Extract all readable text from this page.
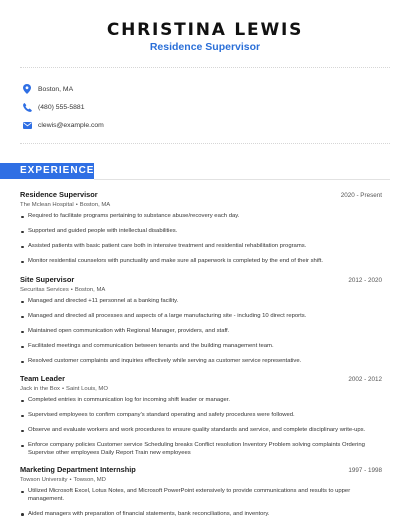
CHRISTINA LEWIS
Residence Supervisor
Boston, MA
(480) 555-5881
clewis@example.com
EXPERIENCE
Residence Supervisor	2020 - Present
The Mclean Hospital • Boston, MA
Required to facilitate programs pertaining to substance abuse/recovery each day.
Supported and guided people with intellectual disabilities.
Assisted patients with basic patient care both in intensive treatment and residential rehabilitation programs.
Monitor residential counselors with punctuality and make sure all paperwork is completed by the end of their shift.
Site Supervisor	2012 - 2020
Securitas Services • Boston, MA
Managed and directed +11 personnel at a banking facility.
Managed and directed all processes and aspects of a large manufacturing site - including 10 direct reports.
Maintained open communication with Regional Manager, providers, and staff.
Facilitated meetings and communication between tenants and the building management team.
Resolved customer complaints and inquiries effectively while serving as customer service representative.
Team Leader	2002 - 2012
Jack in the Box • Saint Louis, MO
Completed entries in communication log for incoming shift leader or manager.
Supervised employees to confirm company's standard operating and safety procedures were followed.
Observe and evaluate workers and work procedures to ensure quality standards and service, and complete disciplinary write-ups.
Enforce company policies Customer service Scheduling breaks Conflict resolution Inventory Problem solving complaints Ordering Supervise other employees Daily Report Train new employees
Marketing Department Internship	1997 - 1998
Towson University • Towson, MD
Utilized Microsoft Excel, Lotus Notes, and Microsoft PowerPoint extensively to provide communications and results to upper management.
Aided managers with preparation of financial statements, bank reconciliations, and inventory.
